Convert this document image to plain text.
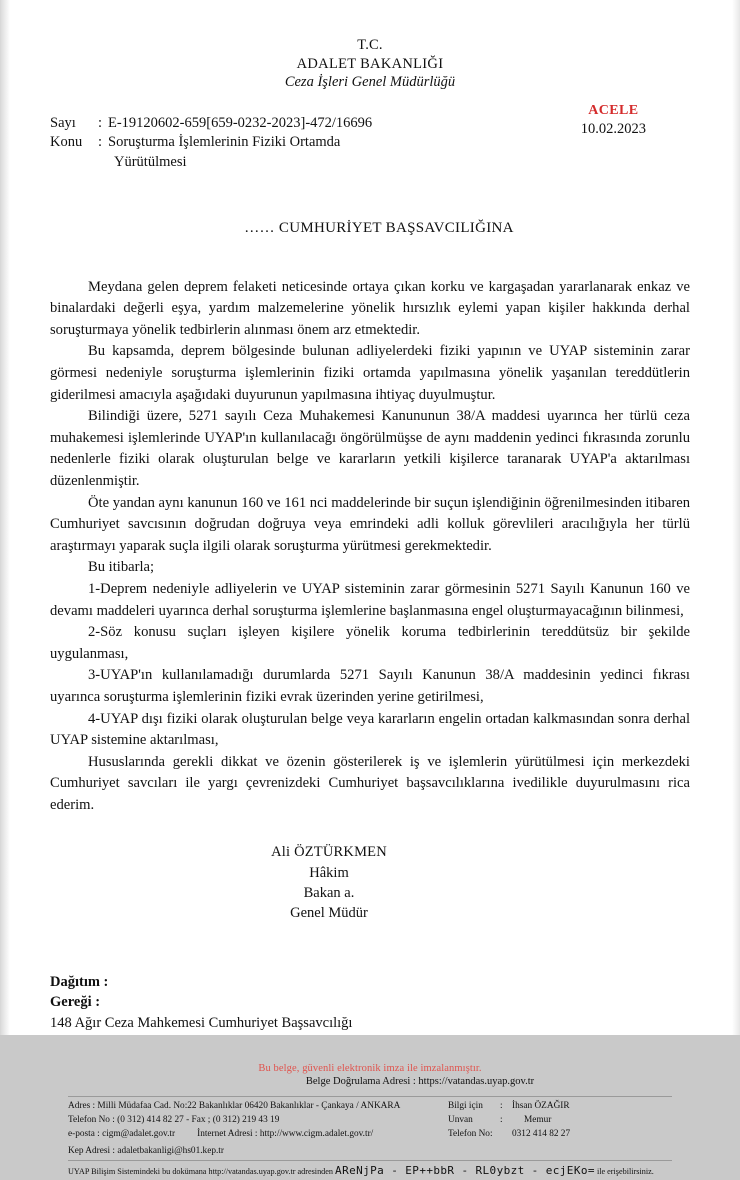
T.C.
ADALET BAKANLIĞI
Ceza İşleri Genel Müdürlüğü
ACELE
10.02.2023
Sayı	: E-19120602-659[659-0232-2023]-472/16696
Konu	: Soruşturma İşlemlerinin Fiziki Ortamda
Yürütülmesi
…… CUMHURİYET BAŞSAVCILIĞINA

Meydana gelen deprem felaketi neticesinde ortaya çıkan korku ve kargaşadan yararlanarak enkaz ve binalardaki değerli eşya, yardım malzemelerine yönelik hırsızlık eylemi yapan kişiler hakkında derhal soruşturmaya yönelik tedbirlerin alınması önem arz etmektedir.

Bu kapsamda, deprem bölgesinde bulunan adliyelerdeki fiziki yapının ve UYAP sisteminin zarar görmesi nedeniyle soruşturma işlemlerinin fiziki ortamda yapılmasına yönelik yaşanılan tereddütlerin giderilmesi amacıyla aşağıdaki duyurunun yapılmasına ihtiyaç duyulmuştur.

Bilindiği üzere, 5271 sayılı Ceza Muhakemesi Kanununun 38/A maddesi uyarınca her türlü ceza muhakemesi işlemlerinde UYAP'ın kullanılacağı öngörülmüşse de aynı maddenin yedinci fıkrasında zorunlu nedenlerle fiziki olarak oluşturulan belge ve kararların yetkili kişilerce taranarak UYAP'a aktarılması düzenlenmiştir.

Öte yandan aynı kanunun 160 ve 161 nci maddelerinde bir suçun işlendiğinin öğrenilmesinden itibaren Cumhuriyet savcısının doğrudan doğruya veya emrindeki adli kolluk görevlileri aracılığıyla her türlü araştırmayı yaparak suçla ilgili olarak soruşturma yürütmesi gerekmektedir.

Bu itibarla;

1-Deprem nedeniyle adliyelerin ve UYAP sisteminin zarar görmesinin 5271 Sayılı Kanunun 160 ve devamı maddeleri uyarınca derhal soruşturma işlemlerine başlanmasına engel oluşturmayacağının bilinmesi,

2-Söz konusu suçları işleyen kişilere yönelik koruma tedbirlerinin tereddütsüz bir şekilde uygulanması,

3-UYAP'ın kullanılamadığı durumlarda 5271 Sayılı Kanunun 38/A maddesinin yedinci fıkrası uyarınca soruşturma işlemlerinin fiziki evrak üzerinden yerine getirilmesi,

4-UYAP dışı fiziki olarak oluşturulan belge veya kararların engelin ortadan kalkmasından sonra derhal UYAP sistemine aktarılması,

Hususlarında gerekli dikkat ve özenin gösterilerek iş ve işlemlerin yürütülmesi için merkezdeki Cumhuriyet savcıları ile yargı çevrenizdeki Cumhuriyet başsavcılıklarına ivedilikle duyurulmasını rica ederim.

Ali ÖZTÜRKMEN
Hâkim
Bakan a.
Genel Müdür
Dağıtım :
Gereği :
148 Ağır Ceza Mahkemesi Cumhuriyet Başsavcılığı
Bu belge, güvenli elektronik imza ile imzalanmıştır.
Belge Doğrulama Adresi : https://vatandas.uyap.gov.tr
Adres : Milli Müdafaa Cad. No:22 Bakanlıklar 06420 Bakanlıklar - Çankaya / ANKARA
Telefon No : (0 312) 414 82 27 - Fax ; (0 312) 219 43 19
e-posta : cigm@adalet.gov.tr İnternet Adresi : http://www.cigm.adalet.gov.tr/
Bilgi için : İhsan ÖZAĞIR
Unvan	: Memur
Telefon No: 0312 414 82 27
Kep Adresi : adaletbakanligi@hs01.kep.tr
UYAP Bilişim Sistemindeki bu dokümana http://vatandas.uyap.gov.tr adresinden AReNjPa - EP++bbR - RL0ybzt - ecjEKo= ile erişebilirsiniz.
